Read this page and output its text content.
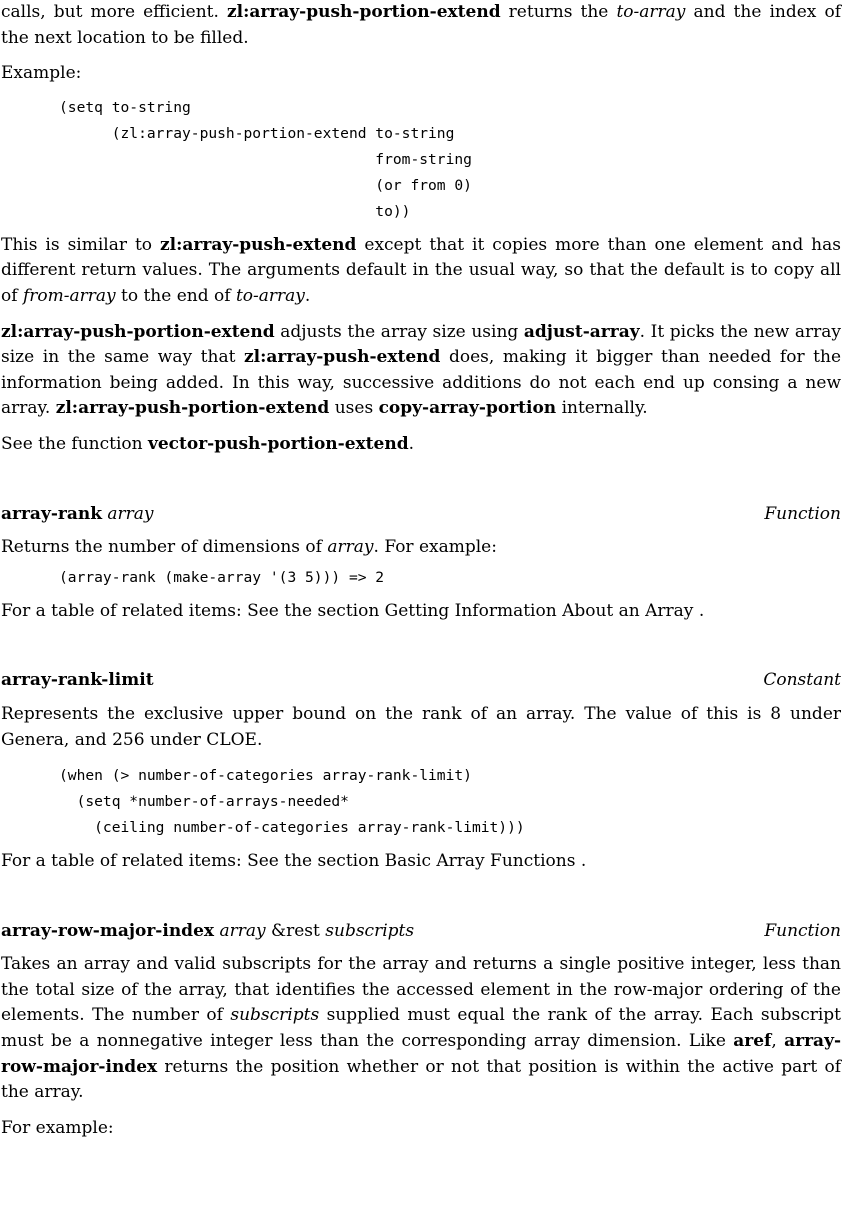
calls, but more efficient. zl:array-push-portion-extend returns the to-array and the index of the next location to be filled.

Example:

(setq to-string
(zl:array-push-portion-extend to-string
from-string
(or from 0)
to))

This is similar to zl:array-push-extend except that it copies more than one element and has different return values. The arguments default in the usual way, so that the default is to copy all of from-array to the end of to-array.

zl:array-push-portion-extend adjusts the array size using adjust-array. It picks the new array size in the same way that zl:array-push-extend does, making it bigger than needed for the information being added. In this way, successive additions do not each end up consing a new array. zl:array-push-portion-extend uses copy-array-portion internally.

See the function vector-push-portion-extend.

array-rank array	Function

Returns the number of dimensions of array. For example:

(array-rank (make-array '(3 5))) => 2

For a table of related items: See the section Getting Information About an Array .

array-rank-limit	Constant

Represents the exclusive upper bound on the rank of an array. The value of this is 8 under Genera, and 256 under CLOE.

(when (> number-of-categories array-rank-limit)
(setq *number-of-arrays-needed*
(ceiling number-of-categories array-rank-limit)))

For a table of related items: See the section Basic Array Functions .

array-row-major-index array &rest subscripts	Function

Takes an array and valid subscripts for the array and returns a single positive integer, less than the total size of the array, that identifies the accessed element in the row-major ordering of the elements. The number of subscripts supplied must equal the rank of the array. Each subscript must be a nonnegative integer less than the corresponding array dimension. Like aref, array-row-major-index returns the position whether or not that position is within the active part of the array.

For example:
